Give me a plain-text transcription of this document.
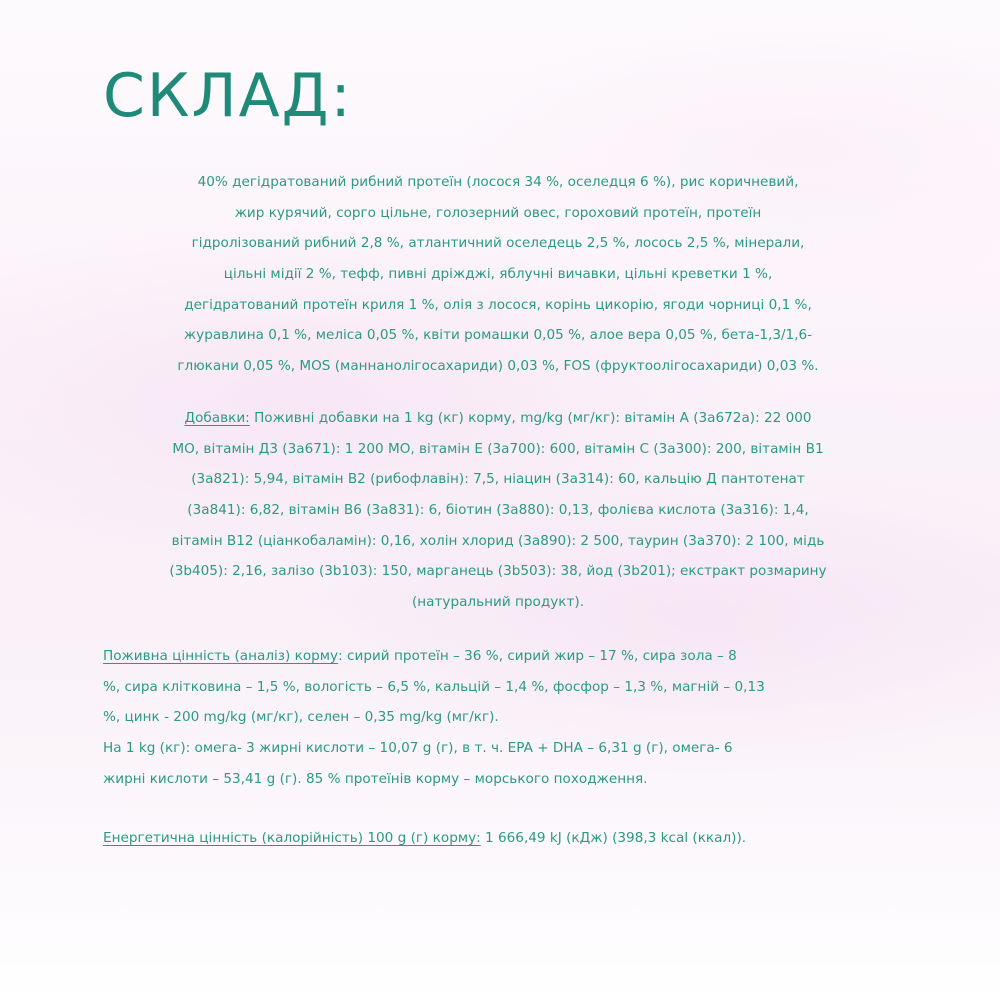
СКЛАД:
40% дегідратований рибний протеїн (лосося 34 %, оселедця 6 %), рис коричневий,
жир курячий, сорго цільне, голозерний овес, гороховий протеїн, протеїн
гідролізований рибний 2,8 %, атлантичний оселедець 2,5 %, лосось 2,5 %, мінерали,
цільні мідії 2 %, тефф, пивні дріжджі, яблучні вичавки, цільні креветки 1 %,
дегідратований протеїн криля 1 %, олія з лосося, корінь цикорію, ягоди чорниці 0,1 %,
журавлина 0,1 %, меліса 0,05 %, квіти ромашки 0,05 %, алое вера 0,05 %, бета-1,3/1,6-
глюкани 0,05 %, MOS (маннанолігосахариди) 0,03 %, FOS (фруктоолігосахариди) 0,03 %.
Добавки: Поживні добавки на 1 kg (кг) корму, mg/kg (мг/кг): вітамін А (3а672а): 22 000
МО, вітамін Д3 (3а671): 1 200 МО, вітамін Е (3а700): 600, вітамін С (3а300): 200, вітамін В1
(3а821): 5,94, вітамін В2 (рибофлавін): 7,5, ніацин (3а314): 60, кальцію Д пантотенат
(3а841): 6,82, вітамін В6 (3а831): 6, біотин (3а880): 0,13, фолієва кислота (3а316): 1,4,
вітамін В12 (ціанкобаламін): 0,16, холін хлорид (3а890): 2 500, таурин (3а370): 2 100, мідь
(3b405): 2,16, залізо (3b103): 150, марганець (3b503): 38, йод (3b201); екстракт розмарину
(натуральний продукт).
Поживна цінність (аналіз) корму: сирий протеїн – 36 %, сирий жир – 17 %, сира зола – 8
%, сира клітковина – 1,5 %, вологість – 6,5 %, кальцій – 1,4 %, фосфор – 1,3 %, магній – 0,13
%, цинк - 200 mg/kg (мг/кг), селен – 0,35 mg/kg (мг/кг).
На 1 kg (кг): омега- 3 жирні кислоти – 10,07 g (г), в т. ч. EPA + DHA – 6,31 g (г), омега- 6
жирні кислоти – 53,41 g (г). 85 % протеїнів корму – морського походження.
Енергетична цінність (калорійність) 100 g (г) корму: 1 666,49 kJ (кДж) (398,3 kcal (ккал)).
